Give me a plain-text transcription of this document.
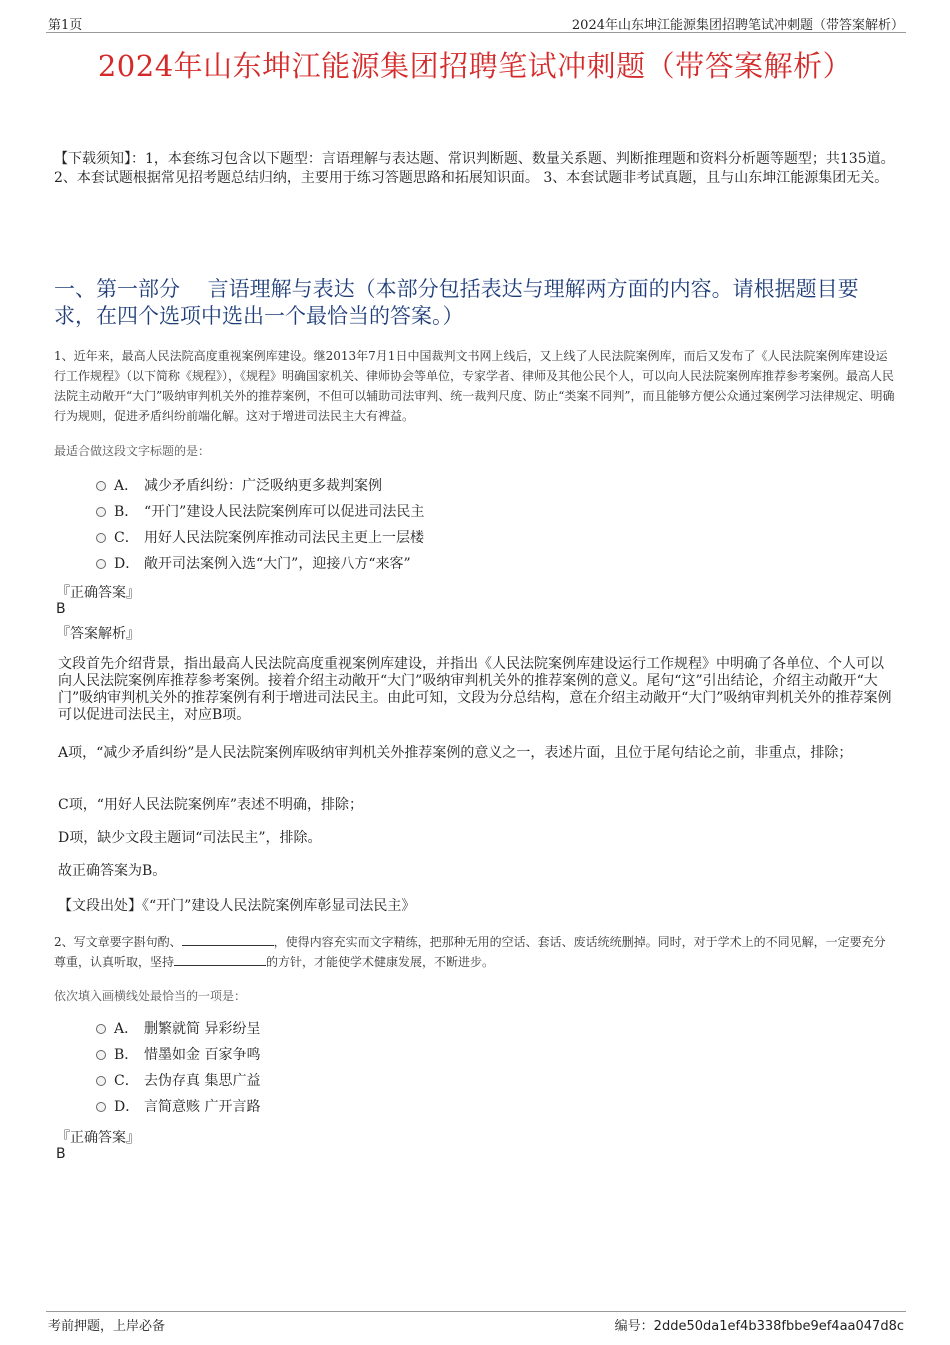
第1页	2024年山东坤江能源集团招聘笔试冲刺题（带答案解析）
2024年山东坤江能源集团招聘笔试冲刺题（带答案解析）
【下载须知】：1，本套练习包含以下题型：言语理解与表达题、常识判断题、数量关系题、判断推理题和资料分析题等题型；共135道。 2、本套试题根据常见招考题总结归纳，主要用于练习答题思路和拓展知识面。 3、本套试题非考试真题，且与山东坤江能源集团无关。
一、第一部分　 言语理解与表达（本部分包括表达与理解两方面的内容。请根据题目要求，在四个选项中选出一个最恰当的答案。）
1、近年来，最高人民法院高度重视案例库建设。继2013年7月1日中国裁判文书网上线后，又上线了人民法院案例库，而后又发布了《人民法院案例库建设运行工作规程》（以下简称《规程》），《规程》明确国家机关、律师协会等单位，专家学者、律师及其他公民个人，可以向人民法院案例库推荐参考案例。最高人民法院主动敞开“大门”吸纳审判机关外的推荐案例，不但可以辅助司法审判、统一裁判尺度、防止“类案不同判”，而且能够方便公众通过案例学习法律规定、明确行为规则，促进矛盾纠纷前端化解。这对于增进司法民主大有裨益。
最适合做这段文字标题的是：
A． 减少矛盾纠纷：广泛吸纳更多裁判案例
B． “开门”建设人民法院案例库可以促进司法民主
C． 用好人民法院案例库推动司法民主更上一层楼
D． 敞开司法案例入选“大门”，迎接八方“来客”
『正确答案』
B
『答案解析』
文段首先介绍背景，指出最高人民法院高度重视案例库建设，并指出《人民法院案例库建设运行工作规程》中明确了各单位、个人可以向人民法院案例库推荐参考案例。接着介绍主动敞开“大门”吸纳审判机关外的推荐案例的意义。尾句“这”引出结论，介绍主动敞开“大门”吸纳审判机关外的推荐案例有利于增进司法民主。由此可知，文段为分总结构，意在介绍主动敞开“大门”吸纳审判机关外的推荐案例可以促进司法民主，对应B项。
A项，“减少矛盾纠纷”是人民法院案例库吸纳审判机关外推荐案例的意义之一，表述片面，且位于尾句结论之前，非重点，排除；
C项，“用好人民法院案例库”表述不明确，排除；
D项，缺少文段主题词“司法民主”，排除。
故正确答案为B。
【文段出处】《“开门”建设人民法院案例库彰显司法民主》
2、写文章要字斟句酌、	，使得内容充实而文字精练，把那种无用的空话、套话、废话统统删掉。同时，对于学术上的不同见解，一定要充分尊重，认真听取，坚持	的方针，才能使学术健康发展，不断进步。
依次填入画横线处最恰当的一项是：
A． 删繁就简 异彩纷呈
B． 惜墨如金 百家争鸣
C． 去伪存真 集思广益
D． 言简意赅 广开言路
『正确答案』
B
考前押题，上岸必备	编号：2dde50da1ef4b338fbbe9ef4aa047d8c
